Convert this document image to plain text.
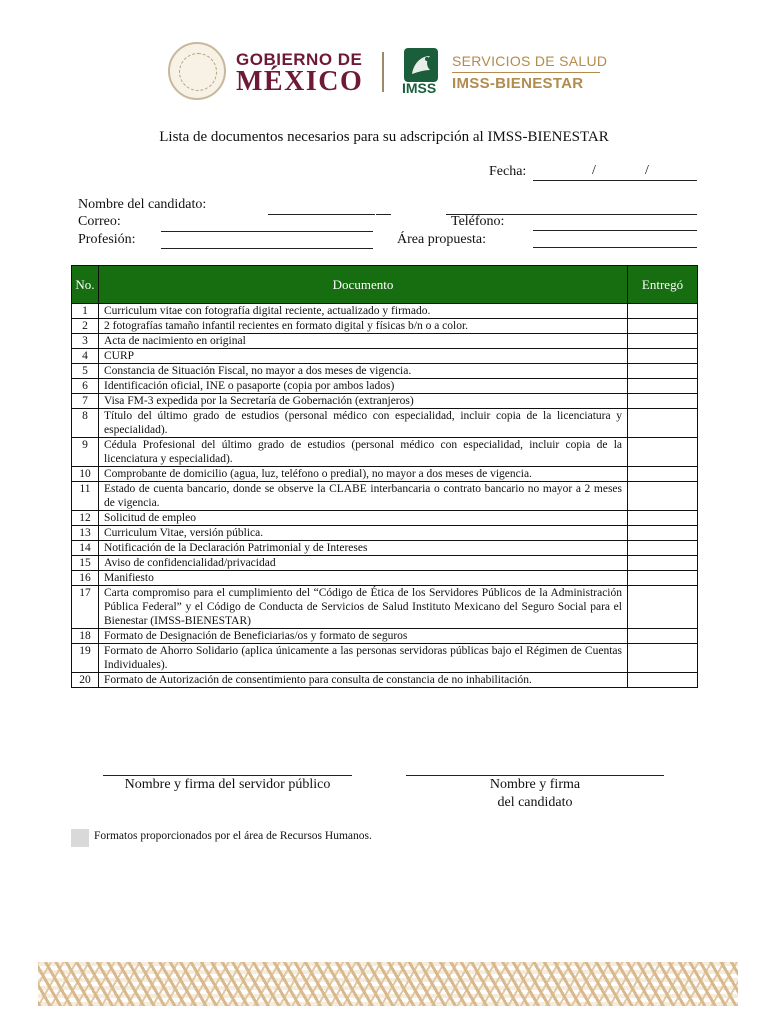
GOBIERNO DE
MÉXICO	IMSS
SERVICIOS DE SALUD
IMSS-BIENESTAR
Lista de documentos necesarios para su adscripción al IMSS-BIENESTAR
Fecha:	/	/
Nombre del candidato:
Correo:	Teléfono:
Profesión:	Área propuesta:
No.	Documento	Entregó
1	Curriculum vitae con fotografía digital reciente, actualizado y firmado.	
2	2 fotografías tamaño infantil recientes en formato digital y físicas b/n o a color.	
3	Acta de nacimiento en original	
4	CURP	
5	Constancia de Situación Fiscal, no mayor a dos meses de vigencia.	
6	Identificación oficial, INE o pasaporte (copia por ambos lados)	
7	Visa FM-3 expedida por la Secretaría de Gobernación (extranjeros)	
8	Título del último grado de estudios (personal médico con especialidad, incluir copia de la licenciatura y especialidad).	
9	Cédula Profesional del último grado de estudios (personal médico con especialidad, incluir copia de la licenciatura y especialidad).	
10	Comprobante de domicilio (agua, luz, teléfono o predial), no mayor a dos meses de vigencia.	
11	Estado de cuenta bancario, donde se observe la CLABE interbancaria o contrato bancario no mayor a 2 meses de vigencia.	
12	Solicitud de empleo	
13	Curriculum Vitae, versión pública.	
14	Notificación de la Declaración Patrimonial y de Intereses	
15	Aviso de confidencialidad/privacidad	
16	Manifiesto	
17	Carta compromiso para el cumplimiento del “Código de Ética de los Servidores Públicos de la Administración Pública Federal” y el Código de Conducta de Servicios de Salud Instituto Mexicano del Seguro Social para el Bienestar (IMSS-BIENESTAR)	
18	Formato de Designación de Beneficiarias/os y formato de seguros	
19	Formato de Ahorro Solidario (aplica únicamente a las personas servidoras públicas bajo el Régimen de Cuentas Individuales).	
20	Formato de Autorización de consentimiento para consulta de constancia de no inhabilitación.	
Nombre y firma del servidor público	Nombre y firma
del candidato
Formatos proporcionados por el área de Recursos Humanos.
